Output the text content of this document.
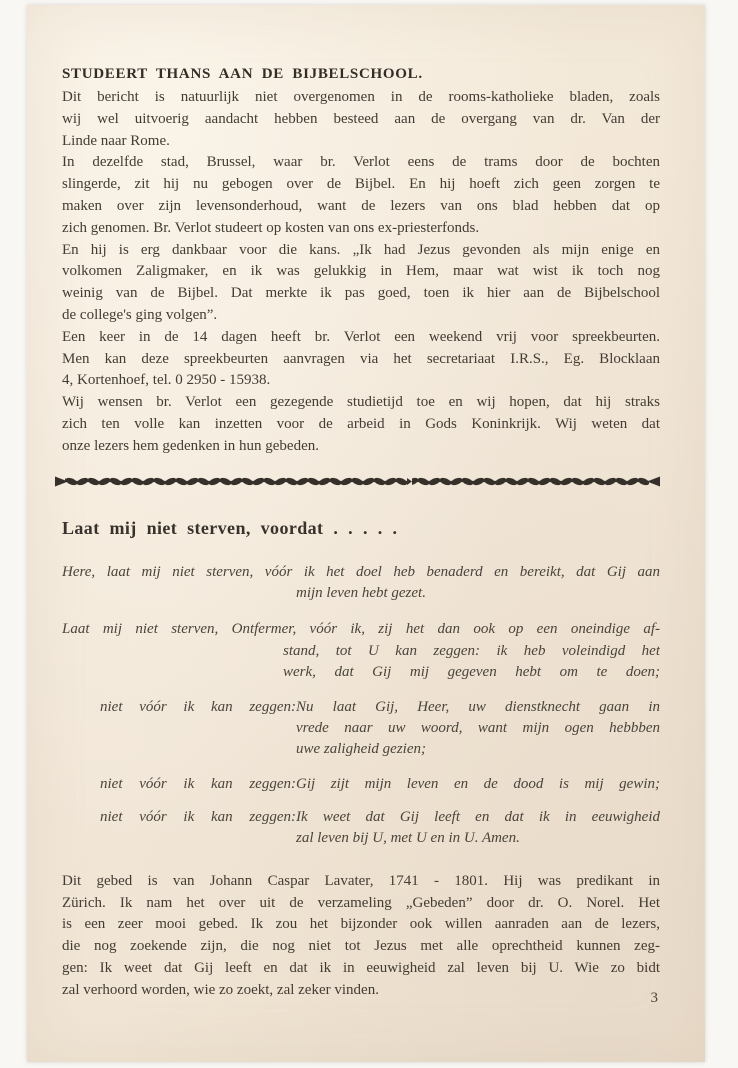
STUDEERT THANS AAN DE BIJBELSCHOOL.
Dit bericht is natuurlijk niet overgenomen in de rooms-katholieke bladen, zoals
wij wel uitvoerig aandacht hebben besteed aan de overgang van dr. Van der
Linde naar Rome.
In dezelfde stad, Brussel, waar br. Verlot eens de trams door de bochten
slingerde, zit hij nu gebogen over de Bijbel. En hij hoeft zich geen zorgen te
maken over zijn levensonderhoud, want de lezers van ons blad hebben dat op
zich genomen. Br. Verlot studeert op kosten van ons ex-priesterfonds.
En hij is erg dankbaar voor die kans. „Ik had Jezus gevonden als mijn enige en
volkomen Zaligmaker, en ik was gelukkig in Hem, maar wat wist ik toch nog
weinig van de Bijbel. Dat merkte ik pas goed, toen ik hier aan de Bijbelschool
de college's ging volgen”.
Een keer in de 14 dagen heeft br. Verlot een weekend vrij voor spreekbeurten.
Men kan deze spreekbeurten aanvragen via het secretariaat I.R.S., Eg. Blocklaan
4, Kortenhoef, tel. 0 2950 - 15938.
Wij wensen br. Verlot een gezegende studietijd toe en wij hopen, dat hij straks
zich ten volle kan inzetten voor de arbeid in Gods Koninkrijk. Wij weten dat
onze lezers hem gedenken in hun gebeden.
Laat mij niet sterven, voordat . . . . .
Here, laat mij niet sterven, vóór ik het doel heb benaderd en bereikt, dat Gij aan
mijn leven hebt gezet.
Laat mij niet sterven, Ontfermer, vóór ik, zij het dan ook op een oneindige af-
stand, tot U kan zeggen: ik heb voleindigd het
werk, dat Gij mij gegeven hebt om te doen;
niet vóór ik kan zeggen: Nu laat Gij, Heer, uw dienstknecht gaan in
vrede naar uw woord, want mijn ogen hebbben
uwe zaligheid gezien;
niet vóór ik kan zeggen: Gij zijt mijn leven en de dood is mij gewin;
niet vóór ik kan zeggen: Ik weet dat Gij leeft en dat ik in eeuwigheid
zal leven bij U, met U en in U. Amen.
Dit gebed is van Johann Caspar Lavater, 1741 - 1801. Hij was predikant in
Zürich. Ik nam het over uit de verzameling „Gebeden” door dr. O. Norel. Het
is een zeer mooi gebed. Ik zou het bijzonder ook willen aanraden aan de lezers,
die nog zoekende zijn, die nog niet tot Jezus met alle oprechtheid kunnen zeg-
gen: Ik weet dat Gij leeft en dat ik in eeuwigheid zal leven bij U. Wie zo bidt
zal verhoord worden, wie zo zoekt, zal zeker vinden.	3
